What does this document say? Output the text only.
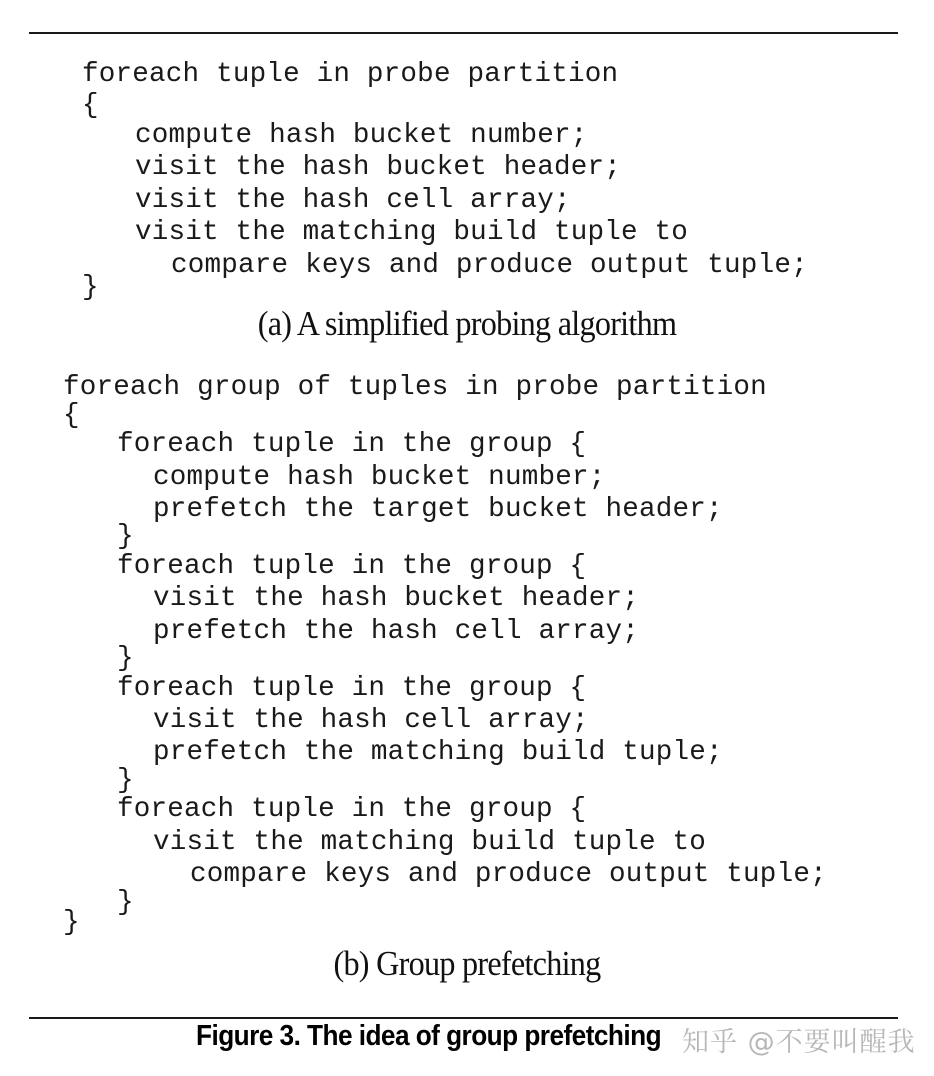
foreach tuple in probe partition
{
compute hash bucket number;
visit the hash bucket header;
visit the hash cell array;
visit the matching build tuple to
compare keys and produce output tuple;
}
(a) A simplified probing algorithm
foreach group of tuples in probe partition
{
foreach tuple in the group {
compute hash bucket number;
prefetch the target bucket header;
}
foreach tuple in the group {
visit the hash bucket header;
prefetch the hash cell array;
}
foreach tuple in the group {
visit the hash cell array;
prefetch the matching build tuple;
}
foreach tuple in the group {
visit the matching build tuple to
compare keys and produce output tuple;
}
}
(b) Group prefetching
Figure 3. The idea of group prefetching 知乎 @不要叫醒我
